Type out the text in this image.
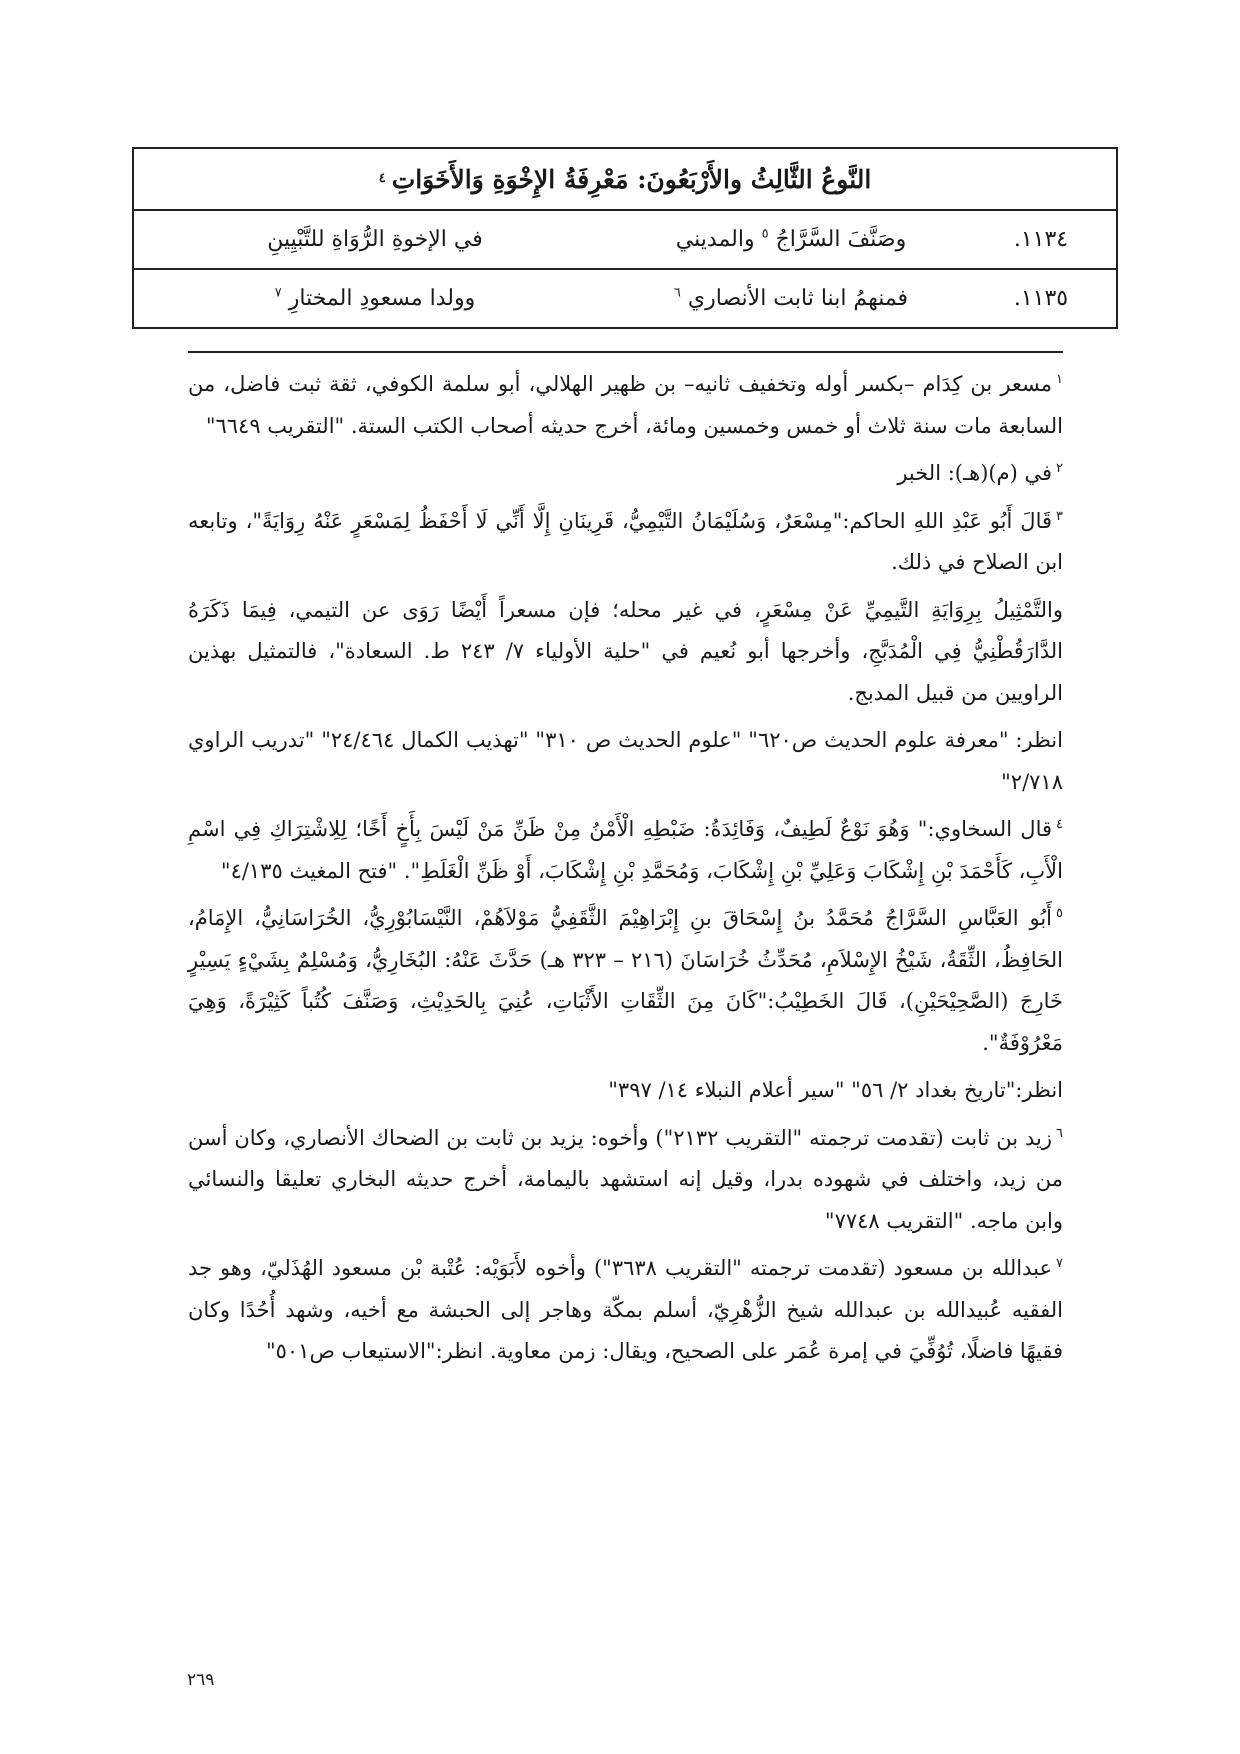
النَّوعُ الثَّالِثُ والأَرْبَعُونَ: مَعْرِفَةُ الإِخْوَةِ وَالأَخَوَاتِ
٤
١١٣٤.
وصَنَّفَ السَّرَّاجُ $^٥$ والمديني
في الإخوةِ الرُّوَاةِ للتَّبْيِينِ
١١٣٥.
فمنهمُ ابنا ثابت الأنصاري $^٦$
وولدا مسعودِ المختارِ $^٧$

$^١$مسعر بن كِدَام –بكسر أوله وتخفيف ثانيه– بن ظهير الهلالي، أبو سلمة الكوفي، ثقة ثبت فاضل، من السابعة مات سنة ثلاث أو خمس وخمسين ومائة، أخرج حديثه أصحاب الكتب الستة. "التقريب ٦٦٤٩"

$^٢$في (م)(هـ): الخبر

$^٣$قَالَ أَبُو عَبْدِ اللهِ الحاكم:"مِسْعَرٌ، وَسُلَيْمَانُ التَّيْمِيُّ، قَرِينَانِ إِلَّا أَنِّي لَا أَحْفَظُ لِمَسْعَرٍ عَنْهُ رِوَايَةً"، وتابعه ابن الصلاح في ذلك.

والتَّمْثِيلُ بِرِوَايَةِ التَّيمِيِّ عَنْ مِسْعَرٍ، في غير محله؛ فإن مسعراً أَيْضًا رَوَى عن التيمي، فِيمَا ذَكَرَهُ الدَّارَقُطْنِيُّ فِي الْمُدَبَّجِ، وأخرجها أبو نُعيم في "حلية الأولياء ٧/ ٢٤٣ ط. السعادة"، فالتمثيل بهذين الراويين من قبيل المدبج.

انظر: "معرفة علوم الحديث ص٦٢٠" "علوم الحديث ص ٣١٠" "تهذيب الكمال ٢٤/٤٦٤" "تدريب الراوي ٢/٧١٨"

$^٤$قال السخاوي:" وَهُوَ نَوْعٌ لَطِيفٌ، وَفَائِدَةُ: ضَبْطِهِ الْأَمْنُ مِنْ ظَنِّ مَنْ لَيْسَ بِأَخٍ أَخًا؛ لِلِاشْتِرَاكِ فِي اسْمِ الْأَبِ، كَأَحْمَدَ بْنِ إِشْكَابَ وَعَلِيِّ بْنِ إِشْكَابَ، وَمُحَمَّدِ بْنِ إِشْكَابَ، أَوْ ظَنِّ الْغَلَطِ". "فتح المغيث ٤/١٣٥"

$^٥$أَبُو العَبَّاسِ السَّرَّاجُ مُحَمَّدُ بنُ إِسْحَاقَ بنِ إِبْرَاهِيْمَ الثَّقَفِيُّ مَوْلاَهُمْ، النَّيْسَابُوْرِيُّ، الخُرَاسَانِيُّ، الإِمَامُ، الحَافِظُ، الثِّقَةُ، شَيْخُ الإِسْلاَمِ، مُحَدِّثُ خُرَاسَانَ (٢١٦ – ٣٢٣ هـ) حَدَّثَ عَنْهُ: البُخَارِيُّ، وَمُسْلِمٌ بِشَيْءٍ يَسِيْرٍ خَارِجَ (الصَّحِيْحَيْنِ)، قَالَ الخَطِيْبُ:"كَانَ مِنَ الثِّقَاتِ الأَثْبَاتِ، عُنِيَ بِالحَدِيْثِ، وَصَنَّفَ كُتُباً كَثِيْرَةً، وَهِيَ مَعْرُوْفَةٌ".

انظر:"تاريخ بغداد ٢/ ٥٦" "سير أعلام النبلاء ١٤/ ٣٩٧"

$^٦$زيد بن ثابت (تقدمت ترجمته "التقريب ٢١٣٢") وأخوه: يزيد بن ثابت بن الضحاك الأنصاري، وكان أسن من زيد، واختلف في شهوده بدرا، وقيل إنه استشهد باليمامة، أخرج حديثه البخاري تعليقا والنسائي وابن ماجه. "التقريب ٧٧٤٨"

$^٧$عبدالله بن مسعود (تقدمت ترجمته "التقريب ٣٦٣٨") وأخوه لأَبَوَيْه: عُتْبة بْن مسعود الهُذَليّ، وهو جد الفقيه عُبيدالله بن عبدالله شيخ الزُّهْرِيّ، أسلم بمكّة وهاجر إلى الحبشة مع أخيه، وشهد أُحُدًا وكان فقيهًا فاضلًا، تُوُفِّيَ في إمرة عُمَر على الصحيح، ويقال: زمن معاوية. انظر:"الاستيعاب ص٥٠١"

٢٦٩
